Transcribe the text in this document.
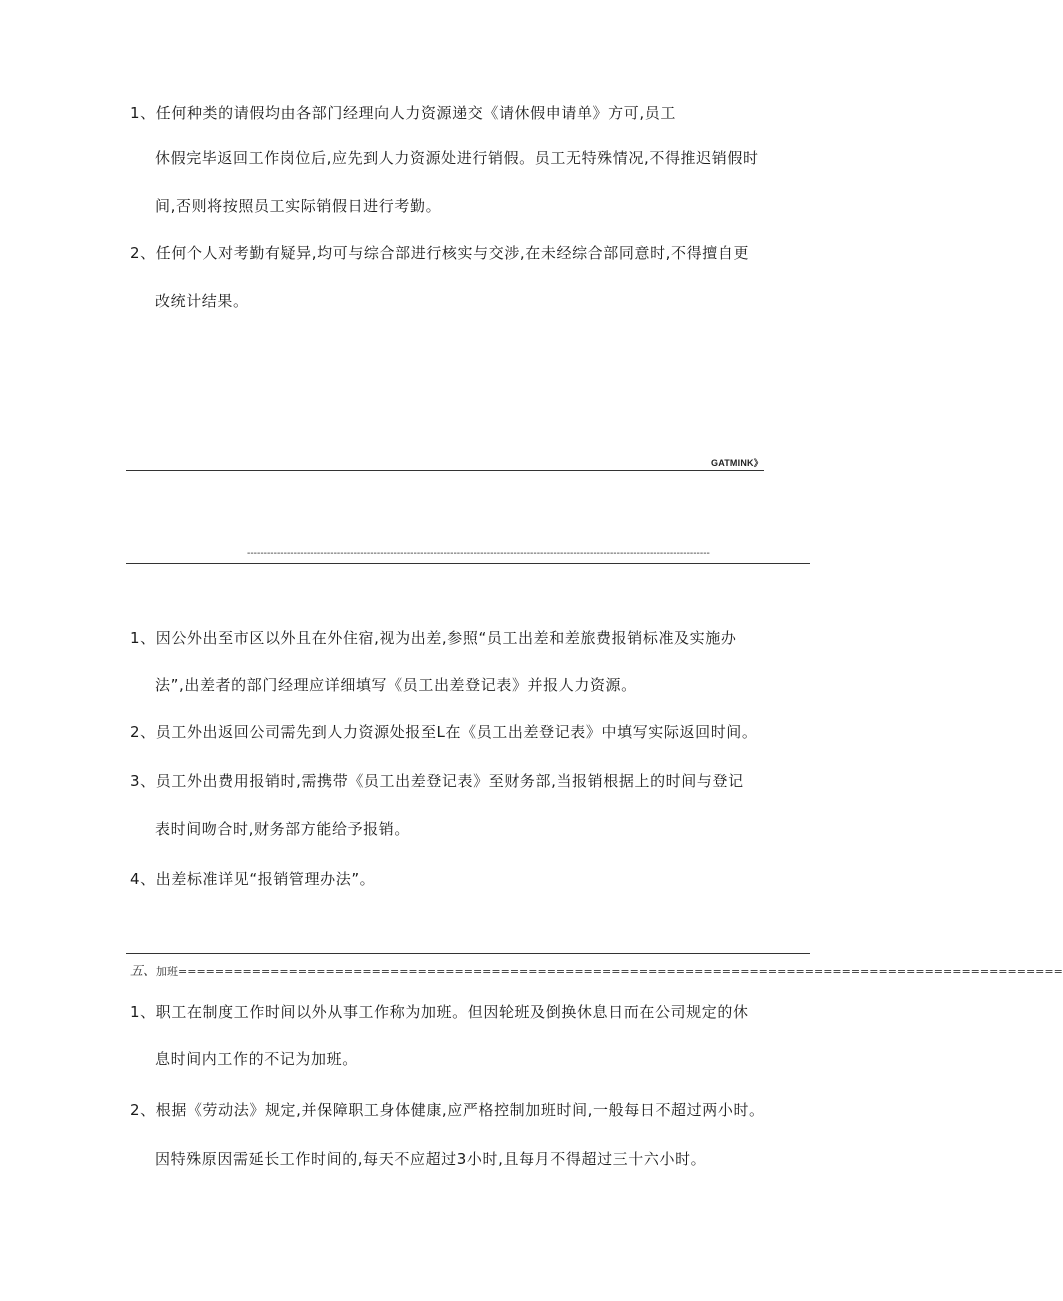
1、任何种类的请假均由各部门经理向人力资源递交《请休假申请单》方可,员工
休假完毕返回工作岗位后,应先到人力资源处进行销假。员工无特殊情况,不得推迟销假时
间,否则将按照员工实际销假日进行考勤。
2、任何个人对考勤有疑异,均可与综合部进行核实与交涉,在未经综合部同意时,不得擅自更
改统计结果。
GATMINK》
-------------------------------------------------------------------------------------------------------------------------------------------
1、因公外出至市区以外且在外住宿,视为出差,参照“员工出差和差旅费报销标准及实施办
法”,出差者的部门经理应详细填写《员工出差登记表》并报人力资源。
2、员工外出返回公司需先到人力资源处报至L在《员工出差登记表》中填写实际返回时间。
3、员工外出费用报销时,需携带《员工出差登记表》至财务部,当报销根据上的时间与登记
表时间吻合时,财务部方能给予报销。
4、出差标准详见“报销管理办法”。
五、加班================================================================================================
1、职工在制度工作时间以外从事工作称为加班。但因轮班及倒换休息日而在公司规定的休
息时间内工作的不记为加班。
2、根据《劳动法》规定,并保障职工身体健康,应严格控制加班时间,一般每日不超过两小时。
因特殊原因需延长工作时间的,每天不应超过3小时,且每月不得超过三十六小时。
